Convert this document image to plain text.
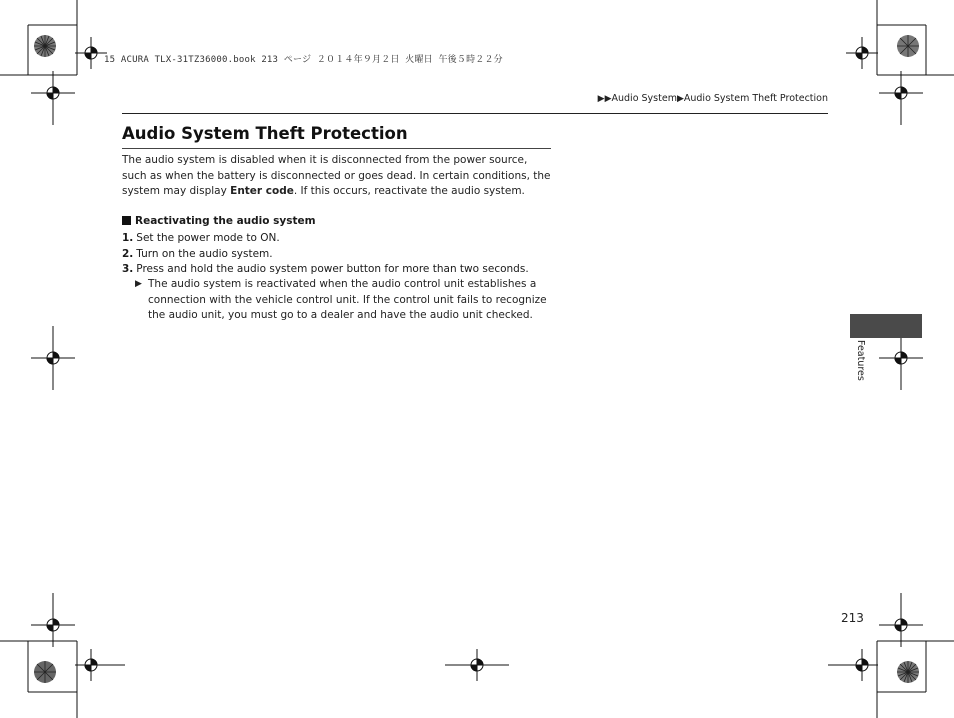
15 ACURA TLX-31TZ36000.book 213 ページ ２０１４年９月２日 火曜日 午後５時２２分
▶▶Audio System▶Audio System Theft Protection
Audio System Theft Protection
The audio system is disabled when it is disconnected from the power source, such as when the battery is disconnected or goes dead. In certain conditions, the system may display Enter code. If this occurs, reactivate the audio system.
Reactivating the audio system
1. Set the power mode to ON.
2. Turn on the audio system.
3. Press and hold the audio system power button for more than two seconds.
▶ The audio system is reactivated when the audio control unit establishes a connection with the vehicle control unit. If the control unit fails to recognize the audio unit, you must go to a dealer and have the audio unit checked.
Features
213
